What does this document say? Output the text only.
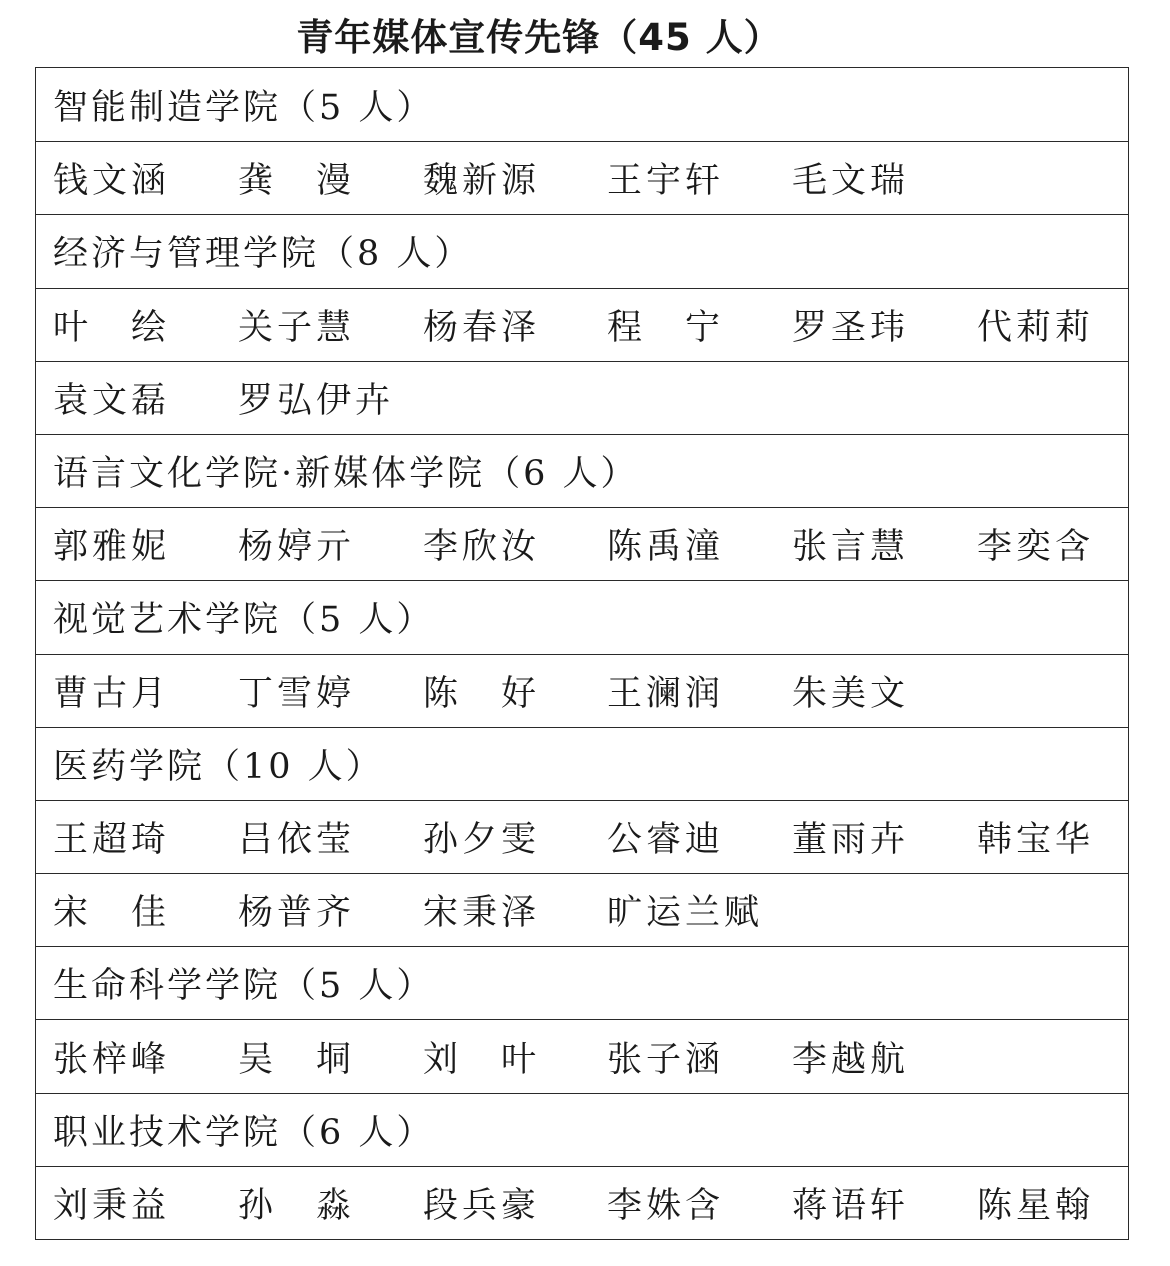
青年媒体宣传先锋（45 人）
智能制造学院（5 人）
钱文涵 龚　漫 魏新源 王宇轩 毛文瑞
经济与管理学院（8 人）
叶　绘 关子慧 杨春泽 程　宁 罗圣玮 代莉莉
袁文磊 罗弘伊卉
语言文化学院·新媒体学院（6 人）
郭雅妮 杨婷亓 李欣汝 陈禹潼 张言慧 李奕含
视觉艺术学院（5 人）
曹古月 丁雪婷 陈　好 王澜润 朱美文
医药学院（10 人）
王超琦 吕依莹 孙夕雯 公睿迪 董雨卉 韩宝华
宋　佳 杨普齐 宋秉泽 旷运兰赋
生命科学学院（5 人）
张梓峰 吴　垌 刘　叶 张子涵 李越航
职业技术学院（6 人）
刘秉益 孙　淼 段兵豪 李姝含 蒋语轩 陈星翰
